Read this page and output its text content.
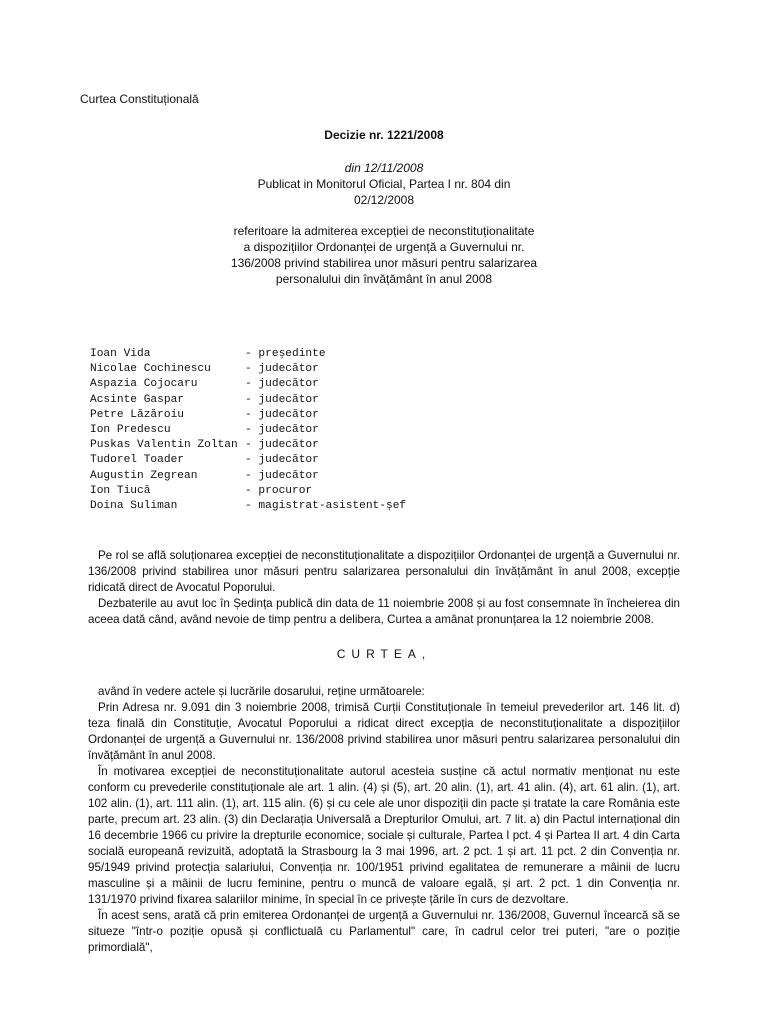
Curtea Constituțională
Decizie nr. 1221/2008
din 12/11/2008
Publicat in Monitorul Oficial, Partea I nr. 804 din
02/12/2008
referitoare la admiterea excepției de neconstituționalitate
a dispozițiilor Ordonanței de urgență a Guvernului nr.
136/2008 privind stabilirea unor măsuri pentru salarizarea
personalului din învățământ în anul 2008
Ioan Vida	- președinte
Nicolae Cochinescu	- judecător
Aspazia Cojocaru	- judecător
Acsinte Gaspar	- judecător
Petre Lăzăroiu	- judecător
Ion Predescu	- judecător
Puskas Valentin Zoltan - judecător
Tudorel Toader	- judecător
Augustin Zegrean	- judecător
Ion Tiucă	- procuror
Doina Suliman	- magistrat-asistent-șef

Pe rol se află soluționarea excepției de neconstituționalitate a dispozițiilor Ordonanței de urgență a Guvernului nr. 136/2008 privind stabilirea unor măsuri pentru salarizarea personalului din învățământ în anul 2008, excepție ridicată direct de Avocatul Poporului.

Dezbaterile au avut loc în Ședința publică din data de 11 noiembrie 2008 și au fost consemnate în încheierea din aceea dată când, având nevoie de timp pentru a delibera, Curtea a amânat pronunțarea la 12 noiembrie 2008.

CURTEA,

având în vedere actele și lucrările dosarului, reține următoarele:

Prin Adresa nr. 9.091 din 3 noiembrie 2008, trimisă Curții Constituționale în temeiul prevederilor art. 146 lit. d) teza finală din Constituție, Avocatul Poporului a ridicat direct excepția de neconstituționalitate a dispozițiilor Ordonanței de urgență a Guvernului nr. 136/2008 privind stabilirea unor măsuri pentru salarizarea personalului din învățământ în anul 2008.

În motivarea excepției de neconstituționalitate autorul acesteia susține că actul normativ menționat nu este conform cu prevederile constituționale ale art. 1 alin. (4) și (5), art. 20 alin. (1), art. 41 alin. (4), art. 61 alin. (1), art. 102 alin. (1), art. 111 alin. (1), art. 115 alin. (6) și cu cele ale unor dispoziții din pacte și tratate la care România este parte, precum art. 23 alin. (3) din Declarația Universală a Drepturilor Omului, art. 7 lit. a) din Pactul internațional din 16 decembrie 1966 cu privire la drepturile economice, sociale și culturale, Partea I pct. 4 și Partea II art. 4 din Carta socială europeană revizuită, adoptată la Strasbourg la 3 mai 1996, art. 2 pct. 1 și art. 11 pct. 2 din Convenția nr. 95/1949 privind protecția salariului, Convenția nr. 100/1951 privind egalitatea de remunerare a mâinii de lucru masculine și a mâinii de lucru feminine, pentru o muncă de valoare egală, și art. 2 pct. 1 din Convenția nr. 131/1970 privind fixarea salariilor minime, în special în ce privește țările în curs de dezvoltare.

În acest sens, arată că prin emiterea Ordonanței de urgență a Guvernului nr. 136/2008, Guvernul încearcă să se situeze "într-o poziție opusă și conflictuală cu Parlamentul" care, în cadrul celor trei puteri, "are o poziție primordială",
